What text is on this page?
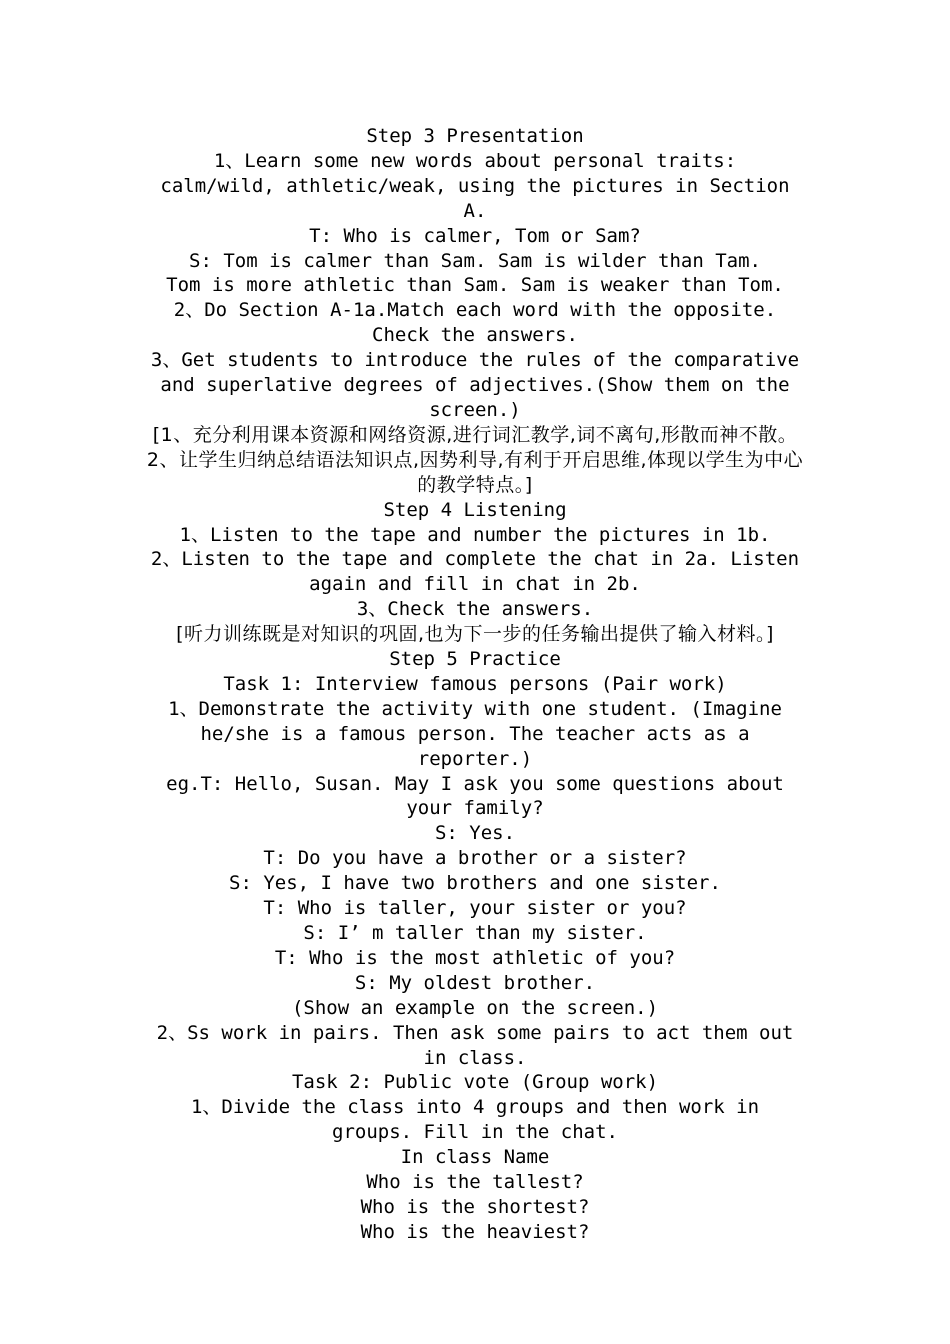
Step 3 Presentation

1、Learn some new words about personal traits: calm/wild, athletic/weak, using the pictures in Section A.

T: Who is calmer, Tom or Sam?

S: Tom is calmer than Sam. Sam is wilder than Tam.

Tom is more athletic than Sam. Sam is weaker than Tom.

2、Do Section A-1a.Match each word with the opposite. Check the answers.

3、Get students to introduce the rules of the comparative and superlative degrees of adjectives.(Show them on the screen.)

[1、充分利用课本资源和网络资源,进行词汇教学,词不离句,形散而神不散。2、让学生归纳总结语法知识点,因势利导,有利于开启思维,体现以学生为中心的教学特点。]

Step 4 Listening

1、Listen to the tape and number the pictures in 1b.

2、Listen to the tape and complete the chat in 2a. Listen again and fill in chat in 2b.

3、Check the answers.

[听力训练既是对知识的巩固,也为下一步的任务输出提供了输入材料。]

Step 5 Practice

Task 1: Interview famous persons (Pair work)

1、Demonstrate the activity with one student. (Imagine he/she is a famous person. The teacher acts as a reporter.)

eg.T: Hello, Susan. May I ask you some questions about your family?

S: Yes.

T: Do you have a brother or a sister?

S: Yes, I have two brothers and one sister.

T: Who is taller, your sister or you?

S: I’ m taller than my sister.

T: Who is the most athletic of you?

S: My oldest brother.

(Show an example on the screen.)

2、Ss work in pairs. Then ask some pairs to act them out in class.

Task 2: Public vote (Group work)

1、Divide the class into 4 groups and then work in groups. Fill in the chat.

In class Name

Who is the tallest?

Who is the shortest?

Who is the heaviest?
